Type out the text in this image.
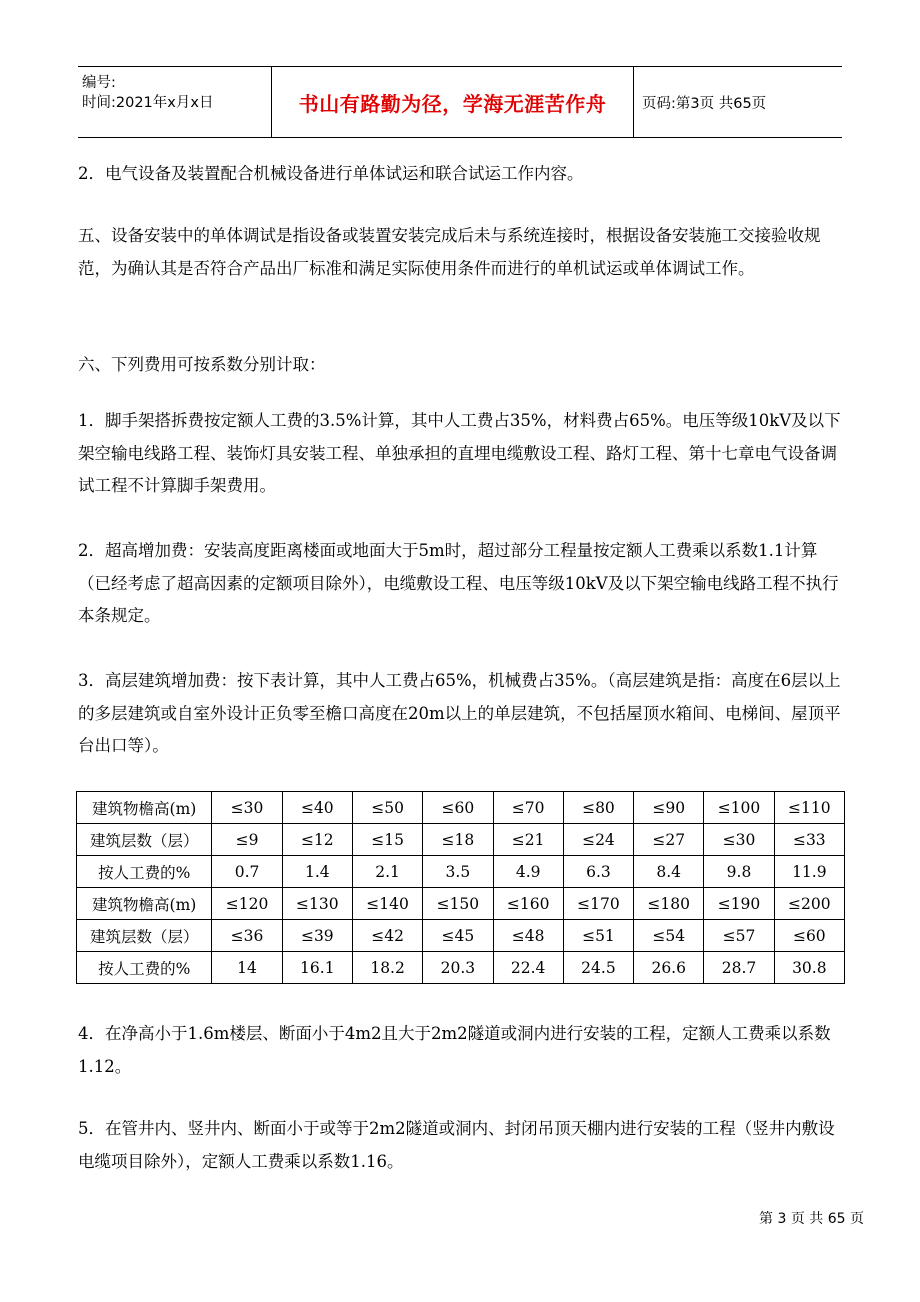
编号:
时间:2021年x月x日	书山有路勤为径，学海无涯苦作舟	页码:第3页 共65页

2．电气设备及装置配合机械设备进行单体试运和联合试运工作内容。

五、设备安装中的单体调试是指设备或装置安装完成后未与系统连接时，根据设备安装施工交接验收规范，为确认其是否符合产品出厂标准和满足实际使用条件而进行的单机试运或单体调试工作。

六、下列费用可按系数分别计取：

1．脚手架搭拆费按定额人工费的3.5%计算，其中人工费占35%，材料费占65%。电压等级10kV及以下架空输电线路工程、装饰灯具安装工程、单独承担的直埋电缆敷设工程、路灯工程、第十七章电气设备调试工程不计算脚手架费用。

2．超高增加费：安装高度距离楼面或地面大于5m时，超过部分工程量按定额人工费乘以系数1.1计算（已经考虑了超高因素的定额项目除外），电缆敷设工程、电压等级10kV及以下架空输电线路工程不执行本条规定。

3．高层建筑增加费：按下表计算，其中人工费占65%，机械费占35%。（高层建筑是指：高度在6层以上的多层建筑或自室外设计正负零至檐口高度在20m以上的单层建筑，不包括屋顶水箱间、电梯间、屋顶平台出口等）。

建筑物檐高(m)	≤30	≤40	≤50	≤60	≤70	≤80	≤90	≤100	≤110
建筑层数（层）	≤9	≤12	≤15	≤18	≤21	≤24	≤27	≤30	≤33
按人工费的%	0.7	1.4	2.1	3.5	4.9	6.3	8.4	9.8	11.9
建筑物檐高(m)	≤120	≤130	≤140	≤150	≤160	≤170	≤180	≤190	≤200
建筑层数（层）	≤36	≤39	≤42	≤45	≤48	≤51	≤54	≤57	≤60
按人工费的%	14	16.1	18.2	20.3	22.4	24.5	26.6	28.7	30.8

4．在净高小于1.6m楼层、断面小于4m2且大于2m2隧道或洞内进行安装的工程，定额人工费乘以系数1.12。

5．在管井内、竖井内、断面小于或等于2m2隧道或洞内、封闭吊顶天棚内进行安装的工程（竖井内敷设电缆项目除外），定额人工费乘以系数1.16。

第 3 页 共 65 页
